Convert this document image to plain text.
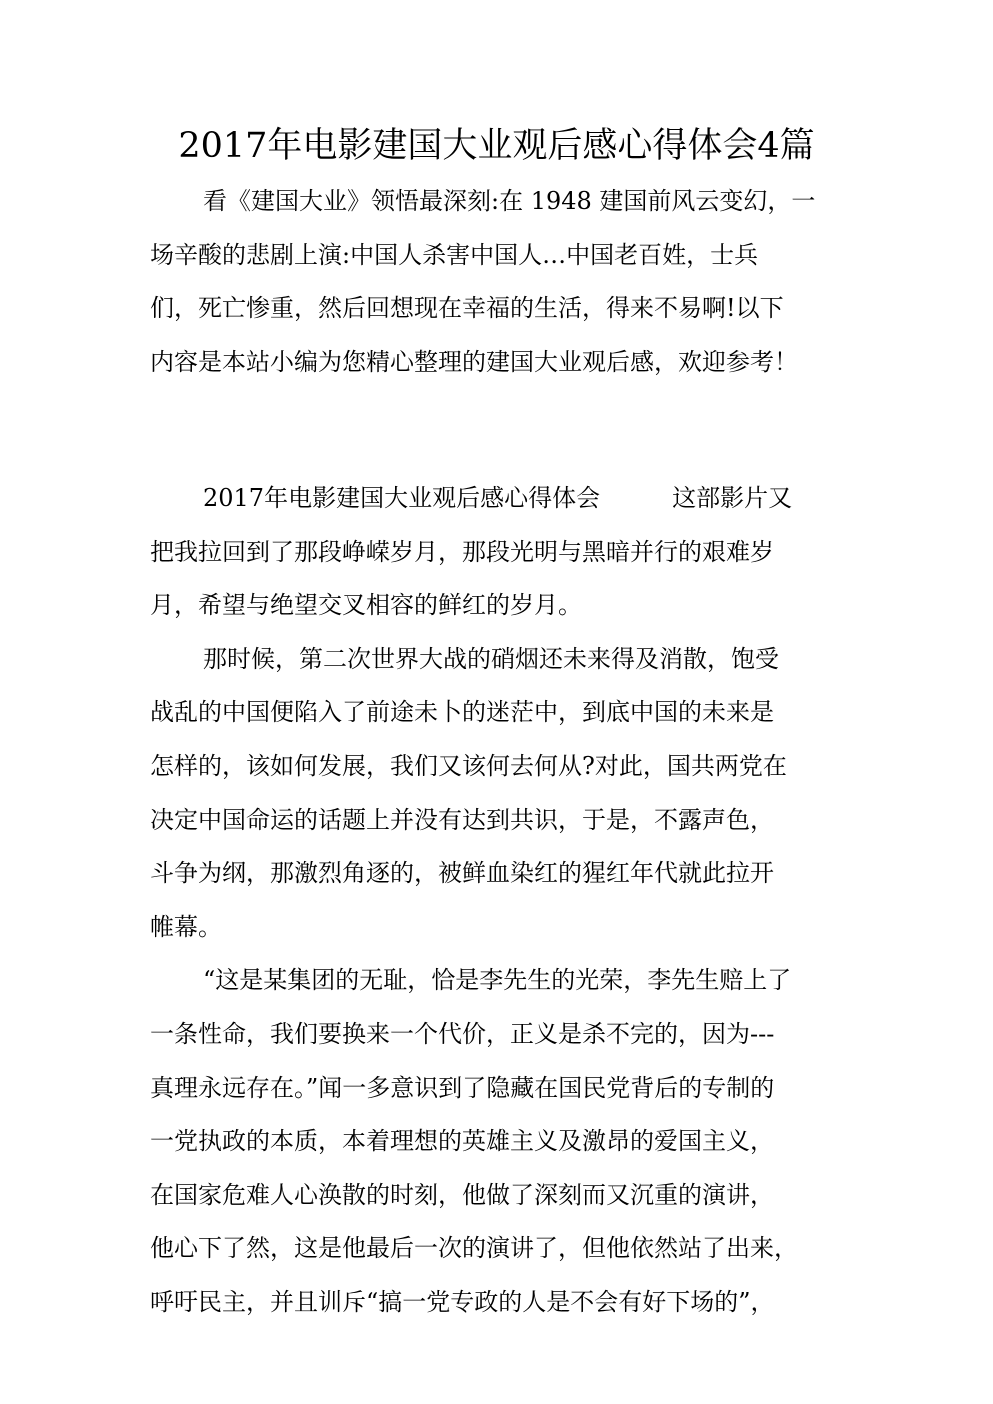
2017年电影建国大业观后感心得体会4篇
看《建国大业》领悟最深刻:在 1948 建国前风云变幻，一
场辛酸的悲剧上演:中国人杀害中国人…中国老百姓，士兵
们，死亡惨重，然后回想现在幸福的生活，得来不易啊!以下
内容是本站小编为您精心整理的建国大业观后感，欢迎参考！
2017年电影建国大业观后感心得体会	这部影片又
把我拉回到了那段峥嵘岁月，那段光明与黑暗并行的艰难岁
月，希望与绝望交叉相容的鲜红的岁月。
那时候，第二次世界大战的硝烟还未来得及消散，饱受
战乱的中国便陷入了前途未卜的迷茫中，到底中国的未来是
怎样的，该如何发展，我们又该何去何从?对此，国共两党在
决定中国命运的话题上并没有达到共识，于是，不露声色，
斗争为纲，那激烈角逐的，被鲜血染红的猩红年代就此拉开
帷幕。
“这是某集团的无耻，恰是李先生的光荣，李先生赔上了
一条性命，我们要换来一个代价，正义是杀不完的，因为---
真理永远存在。”闻一多意识到了隐藏在国民党背后的专制的
一党执政的本质，本着理想的英雄主义及激昂的爱国主义，
在国家危难人心涣散的时刻，他做了深刻而又沉重的演讲，
他心下了然，这是他最后一次的演讲了，但他依然站了出来，
呼吁民主，并且训斥“搞一党专政的人是不会有好下场的”，
